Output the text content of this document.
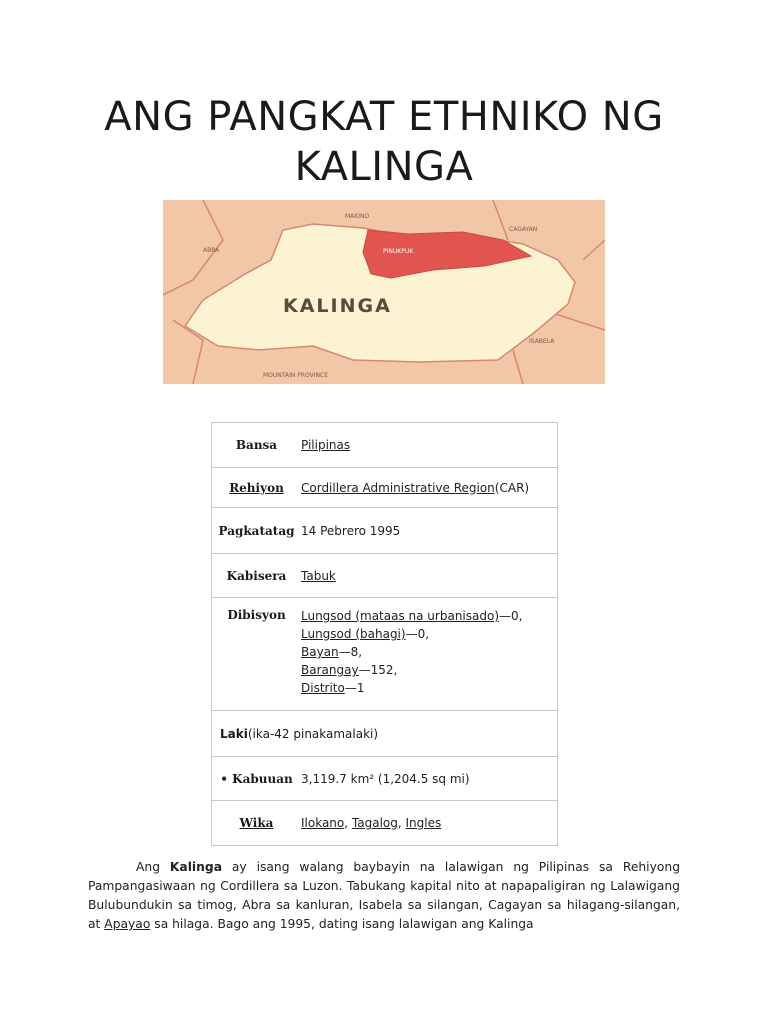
ANG PANGKAT ETHNIKO NG KALINGA
KALINGA
MAKINO
CAGAYAN
ABRA	PINUKPUK
ISABELA
MOUNTAIN PROVINCE
Bansa	Pilipinas
Rehiyon	Cordillera Administrative Region(CAR)
Pagkatatag	14 Pebrero 1995
Kabisera	Tabuk
Dibisyon	Lungsod (mataas na urbanisado)—0,
Lungsod (bahagi)—0,
Bayan—8,
Barangay—152,
Distrito—1

Laki(ika-42 pinakamalaki)	
• Kabuuan	3,119.7 km² (1,204.5 sq mi)
Wika	Ilokano, Tagalog, Ingles

Ang Kalinga ay isang walang baybayin na lalawigan ng Pilipinas sa Rehiyong Pampangasiwaan ng Cordillera sa Luzon. Tabukang kapital nito at napapaligiran ng Lalawigang Bulubundukin sa timog, Abra sa kanluran, Isabela sa silangan, Cagayan sa hilagang-silangan, at Apayao sa hilaga. Bago ang 1995, dating isang lalawigan ang Kalinga
